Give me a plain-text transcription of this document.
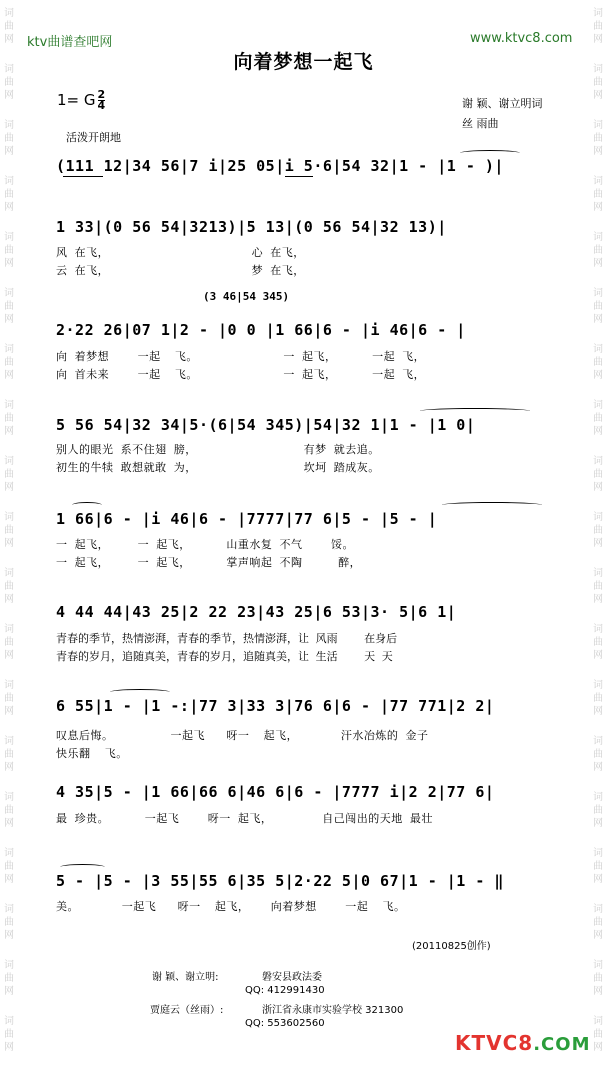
词
曲
网
词
曲
网
词
曲
网
词
曲
网
词
曲
网
词
曲
网
词
曲
网
词
曲
网
词
曲
网
词
曲
网
词
曲
网
词
曲
网
词
曲
网
词
曲
网
词
曲
网
词
曲
网
词
曲
网
词
曲
网
词
曲
网
词
曲
网
词
曲
网
词
曲
网
词
曲
网
词
曲
网
词
曲
网
词
曲
网
词
曲
网
词
曲
网
词
曲
网
词
曲
网
词
曲
网
词
曲
网
词
曲
网
词
曲
网
词
曲
网
词
曲
网
词
曲
网
词
曲
网
ktv曲谱查吧网	www.ktvc8.com
向着梦想一起飞
1= G $\frac{2}{4}$	谢 颖、谢立明词
丝 雨曲
活泼开朗地
(111 12|34 56|7 i|25 05|i 5·6|54 32|1 - |1 - )|
1 33|(0 56 54|3213)|5 13|(0 56 54|32 13)|
风 在飞，                    心 在飞，
云 在飞，                    梦 在飞，
(3 46|54 345)
2·22 26|07 1|2 - |0 0 |1 66|6 - |i 46|6 - |
向 着梦想    一起  飞。            一 起飞，     一起 飞，
向 首未来    一起  飞。            一 起飞，     一起 飞，
5 56 54|32 34|5·(6|54 345)|54|32 1|1 - |1 0|
别人的眼光 系不住翅 膀，               有梦 就去追。
初生的牛犊 敢想就敢 为，               坎坷 踏成灰。
1 66|6 - |i 46|6 - |7777|77 6|5 - |5 - |
一 起飞，    一 起飞，     山重水复 不气    馁。
一 起飞，    一 起飞，     掌声响起 不陶     醉，
4 44 44|43 25|2 22 23|43 25|6 53|3· 5|6 1|
青春的季节，热情澎湃，青春的季节，热情澎湃，让 风雨    在身后
青春的岁月，追随真美，青春的岁月，追随真美，让 生活    天 天
6 55|1 - |1 -:|77 3|33 3|76 6|6 - |77 771|2 2|
叹息后悔。        一起飞   呀一  起飞，      汗水冶炼的 金子
快乐翻  飞。
4 35|5 - |1 66|66 6|46 6|6 - |7777 i|2 2|77 6|
最 珍贵。     一起飞    呀一 起飞，       自己闯出的天地 最壮
5 - |5 - |3 55|55 6|35 5|2·22 5|0 67|1 - |1 - ‖
美。      一起飞   呀一  起飞，   向着梦想    一起  飞。
(20110825创作)
谢 颖、谢立明:	磐安县政法委
QQ: 412991430
贾庭云（丝雨）:	浙江省永康市实验学校 321300
QQ: 553602560
KTVC8.COM
